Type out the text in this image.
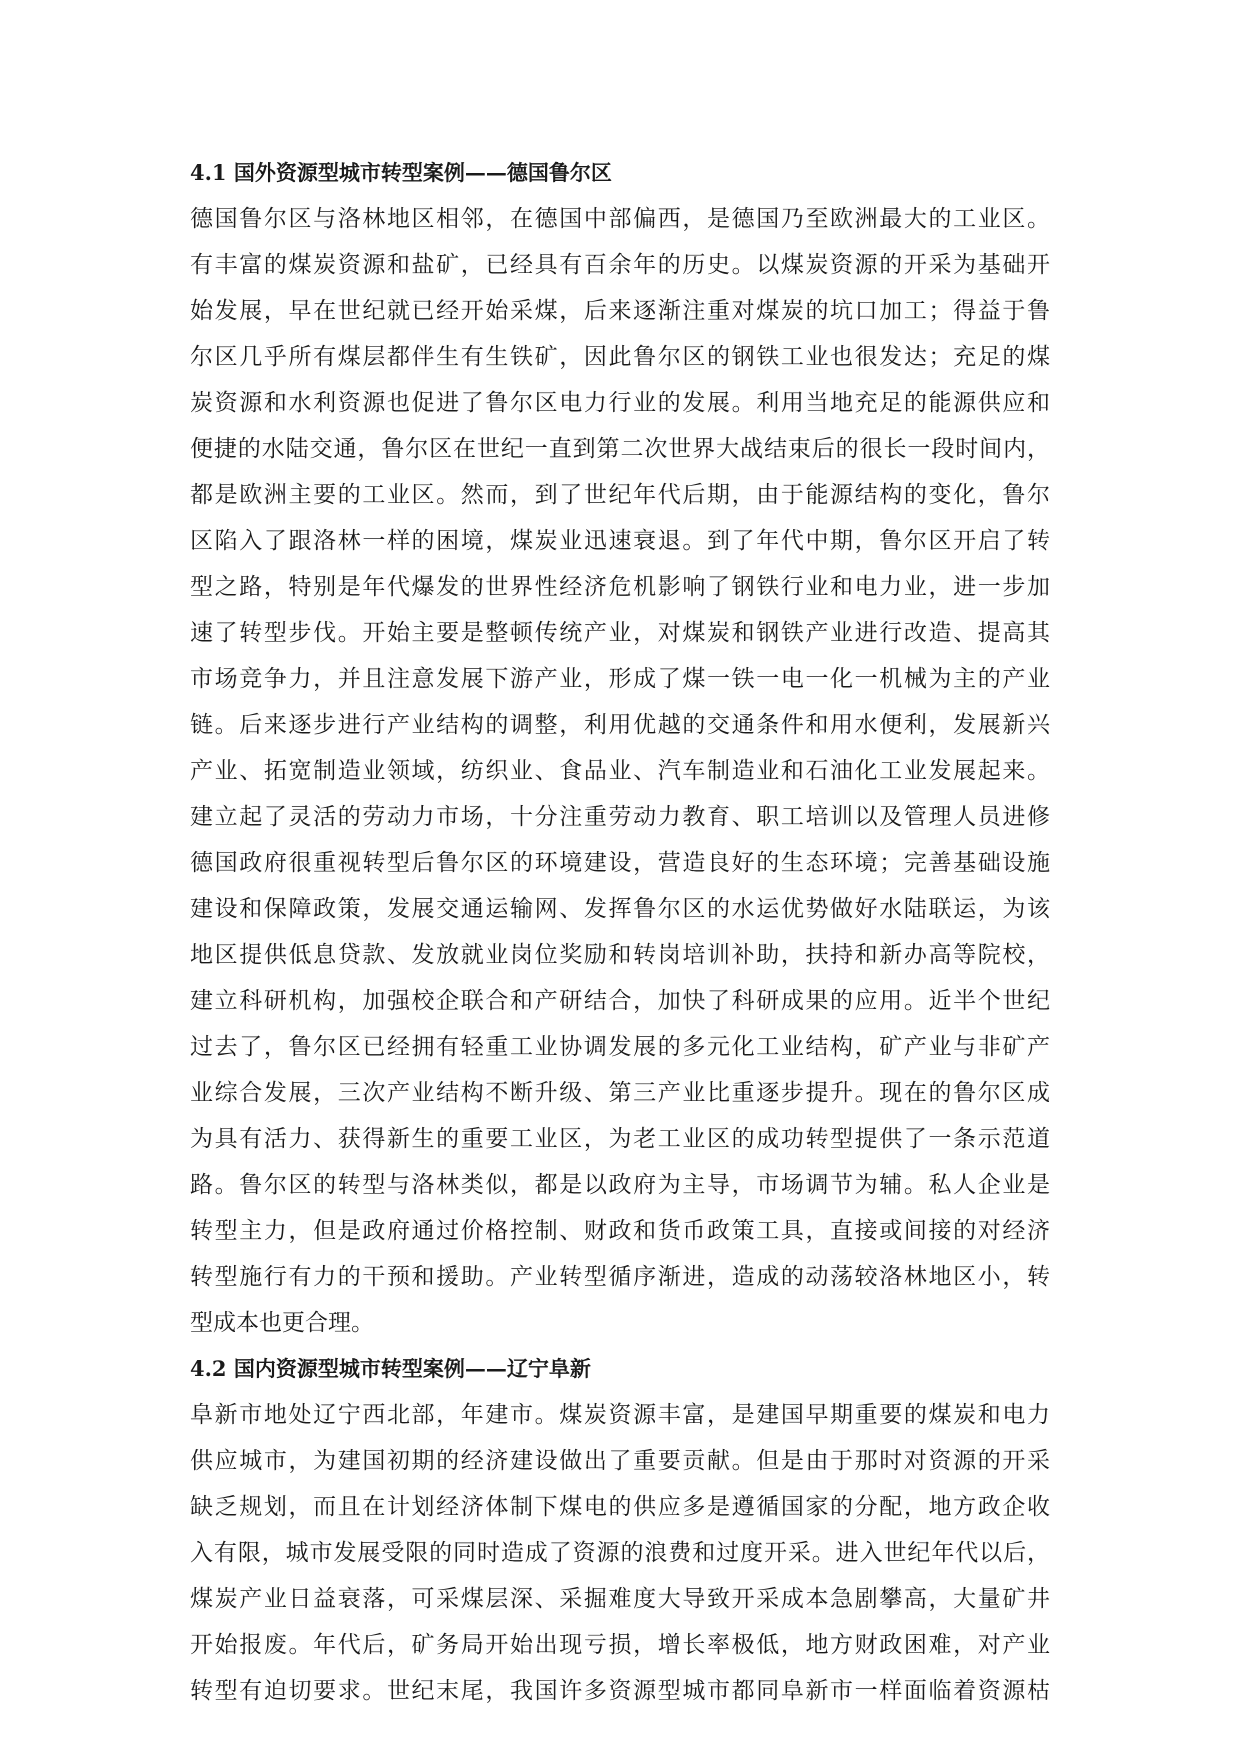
4.1 国外资源型城市转型案例——德国鲁尔区

德国鲁尔区与洛林地区相邻，在德国中部偏西，是德国乃至欧洲最大的工业区。

有丰富的煤炭资源和盐矿，已经具有百余年的历史。以煤炭资源的开采为基础开

始发展，早在世纪就已经开始采煤，后来逐渐注重对煤炭的坑口加工；得益于鲁

尔区几乎所有煤层都伴生有生铁矿，因此鲁尔区的钢铁工业也很发达；充足的煤

炭资源和水利资源也促进了鲁尔区电力行业的发展。利用当地充足的能源供应和

便捷的水陆交通，鲁尔区在世纪一直到第二次世界大战结束后的很长一段时间内，

都是欧洲主要的工业区。然而，到了世纪年代后期，由于能源结构的变化，鲁尔

区陷入了跟洛林一样的困境，煤炭业迅速衰退。到了年代中期，鲁尔区开启了转

型之路，特别是年代爆发的世界性经济危机影响了钢铁行业和电力业，进一步加

速了转型步伐。开始主要是整顿传统产业，对煤炭和钢铁产业进行改造、提高其

市场竞争力，并且注意发展下游产业，形成了煤一铁一电一化一机械为主的产业

链。后来逐步进行产业结构的调整，利用优越的交通条件和用水便利，发展新兴

产业、拓宽制造业领域，纺织业、食品业、汽车制造业和石油化工业发展起来。

建立起了灵活的劳动力市场，十分注重劳动力教育、职工培训以及管理人员进修

德国政府很重视转型后鲁尔区的环境建设，营造良好的生态环境；完善基础设施

建设和保障政策，发展交通运输网、发挥鲁尔区的水运优势做好水陆联运，为该

地区提供低息贷款、发放就业岗位奖励和转岗培训补助，扶持和新办高等院校，

建立科研机构，加强校企联合和产研结合，加快了科研成果的应用。近半个世纪

过去了，鲁尔区已经拥有轻重工业协调发展的多元化工业结构，矿产业与非矿产

业综合发展，三次产业结构不断升级、第三产业比重逐步提升。现在的鲁尔区成

为具有活力、获得新生的重要工业区，为老工业区的成功转型提供了一条示范道

路。鲁尔区的转型与洛林类似，都是以政府为主导，市场调节为辅。私人企业是

转型主力，但是政府通过价格控制、财政和货币政策工具，直接或间接的对经济

转型施行有力的干预和援助。产业转型循序渐进，造成的动荡较洛林地区小，转

型成本也更合理。

4.2 国内资源型城市转型案例——辽宁阜新

阜新市地处辽宁西北部，年建市。煤炭资源丰富，是建国早期重要的煤炭和电力

供应城市，为建国初期的经济建设做出了重要贡献。但是由于那时对资源的开采

缺乏规划，而且在计划经济体制下煤电的供应多是遵循国家的分配，地方政企收

入有限，城市发展受限的同时造成了资源的浪费和过度开采。进入世纪年代以后，

煤炭产业日益衰落，可采煤层深、采掘难度大导致开采成本急剧攀高，大量矿井

开始报废。年代后，矿务局开始出现亏损，增长率极低，地方财政困难，对产业

转型有迫切要求。世纪末尾，我国许多资源型城市都同阜新市一样面临着资源枯
